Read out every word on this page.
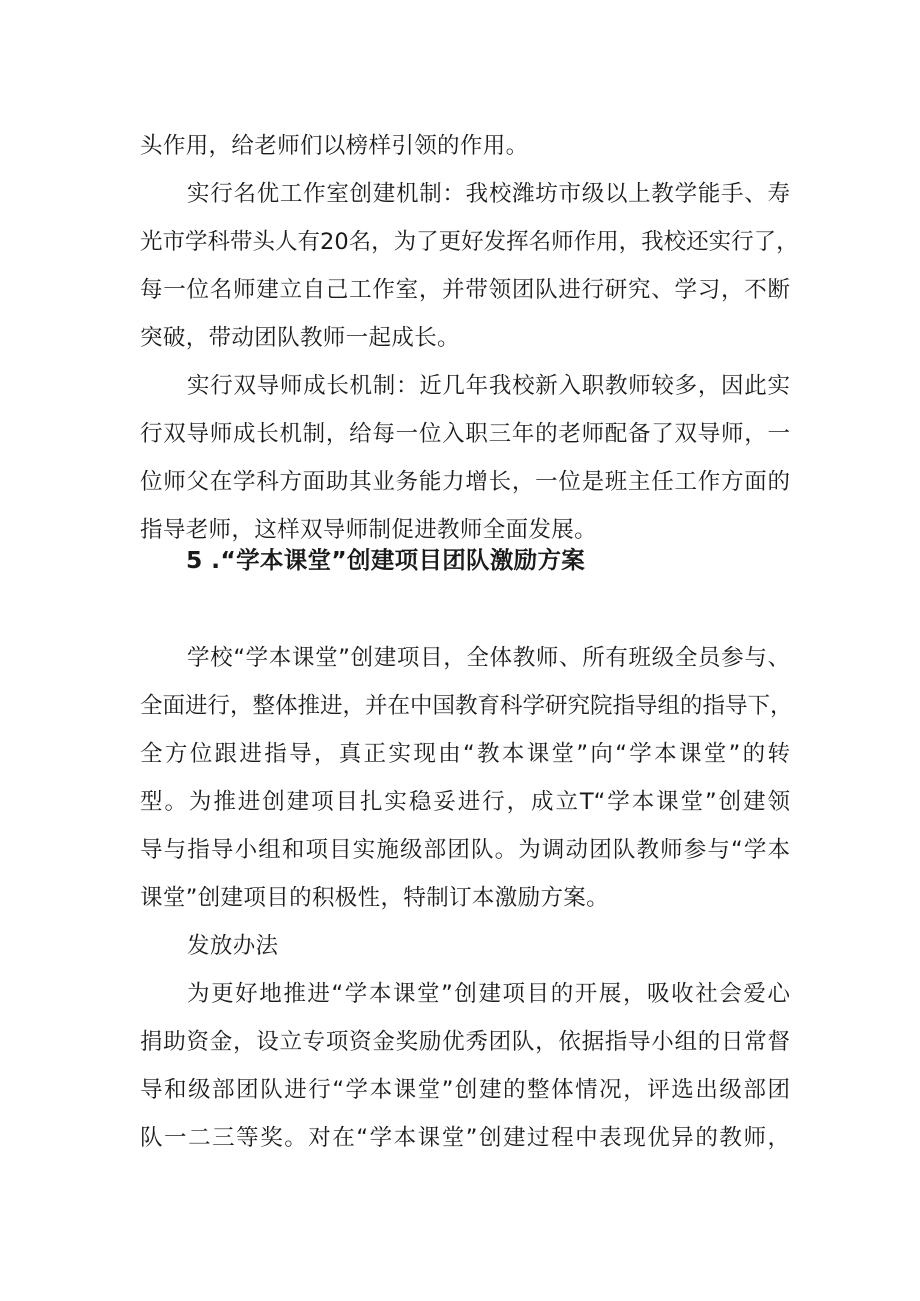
头作用，给老师们以榜样引领的作用。

实行名优工作室创建机制：我校潍坊市级以上教学能手、寿

光市学科带头人有20名，为了更好发挥名师作用，我校还实行了，

每一位名师建立自己工作室，并带领团队进行研究、学习，不断

突破，带动团队教师一起成长。

实行双导师成长机制：近几年我校新入职教师较多，因此实

行双导师成长机制，给每一位入职三年的老师配备了双导师，一

位师父在学科方面助其业务能力增长，一位是班主任工作方面的

指导老师，这样双导师制促进教师全面发展。

5 .“学本课堂”创建项目团队激励方案

学校“学本课堂”创建项目，全体教师、所有班级全员参与、

全面进行，整体推进，并在中国教育科学研究院指导组的指导下，

全方位跟进指导，真正实现由“教本课堂”向“学本课堂”的转

型。为推进创建项目扎实稳妥进行，成立T“学本课堂”创建领

导与指导小组和项目实施级部团队。为调动团队教师参与“学本

课堂”创建项目的积极性，特制订本激励方案。

发放办法

为更好地推进“学本课堂”创建项目的开展，吸收社会爱心

捐助资金，设立专项资金奖励优秀团队，依据指导小组的日常督

导和级部团队进行“学本课堂”创建的整体情况，评选出级部团

队一二三等奖。对在“学本课堂”创建过程中表现优异的教师，
